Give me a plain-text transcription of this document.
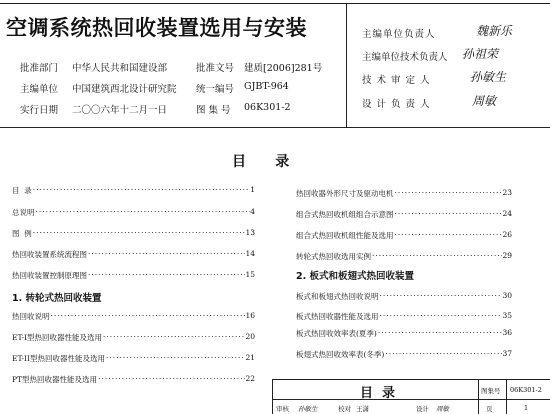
空调系统热回收装置选用与安装
批准部门 中华人民共和国建设部	批准文号 建质[2006]281号
主编单位 中国建筑西北设计研究院 统一编号 GJBT-964
实行日期 二〇〇六年十二月一日	图 集 号 06K301-2
主编单位负责人	魏新乐
主编单位技术负责人 孙祖荣
技 术 审 定 人	孙敏生
设 计 负 责 人	周敏
目      录
目  录 ·····	1
总说明 ·····	4
图  例 ·····	13
热回收装置系统流程图 ·····	14
热回收装置控制原理图 ·····	15
1. 转轮式热回收装置
热回收说明 ·····	16
ET-I型热回收器性能及选用 ·····	20
ET-II型热回收器性能及选用 ·····	21
PT型热回收器性能及选用 ·····	22
热回收器外形尺寸及驱动电机 ·····	23
组合式热回收机组组合示意图 ·····	24
组合式热回收机组性能及选用 ·····	26
转轮式热回收选用实例 ·····	29
2. 板式和板翅式热回收装置
板式和板翅式热回收说明 ·····	30
板式热回收器性能及选用 ·····	35
板式热回收效率表(夏季) ·····	36
板翅式热回收效率表(冬季) ·····	37
目  录	图集号 06K301-2
审核 孙敏生	校对 王潇	设计 周敏	页	1
